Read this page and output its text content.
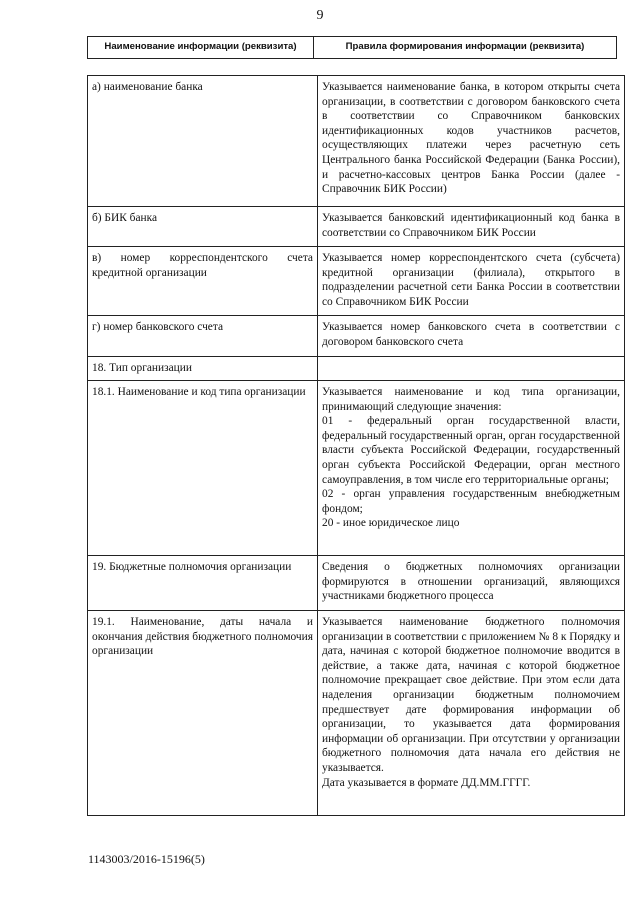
9
Наименование информации (реквизита)	Правила формирования информации (реквизита)

а) наименование банка	Указывается наименование банка, в котором открыты счета организации, в соответствии с договором банковского счета в соответствии со Справочником банковских идентификационных кодов участников расчетов, осуществляющих платежи через расчетную сеть Центрального банка Российской Федерации (Банка России), и расчетно-кассовых центров Банка России (далее - Справочник БИК России)

б) БИК банка	Указывается банковский идентификационный код банка в соответствии со Справочником БИК России

в) номер корреспондентского счета кредитной организации	Указывается номер корреспондентского счета (субсчета) кредитной организации (филиала), открытого в подразделении расчетной сети Банка России в соответствии со Справочником БИК России

г) номер банковского счета	Указывается номер банковского счета в соответствии с договором банковского счета

18. Тип организации	

18.1. Наименование и код типа организации	Указывается наименование и код типа организации, принимающий следующие значения:

01 - федеральный орган государственной власти, федеральный государственный орган, орган государственной власти субъекта Российской Федерации, государственный орган субъекта Российской Федерации, орган местного самоуправления, в том числе его территориальные органы;

02 - орган управления государственным внебюджетным фондом;

20 - иное юридическое лицо

19. Бюджетные полномочия организации	Сведения о бюджетных полномочиях организации формируются в отношении организаций, являющихся участниками бюджетного процесса

19.1. Наименование, даты начала и окончания действия бюджетного полномочия организации	Указывается наименование бюджетного полномочия организации в соответствии с приложением № 8 к Порядку и дата, начиная с которой бюджетное полномочие вводится в действие, а также дата, начиная с которой бюджетное полномочие прекращает свое действие. При этом если дата наделения организации бюджетным полномочием предшествует дате формирования информации об организации, то указывается дата формирования информации об организации. При отсутствии у организации бюджетного полномочия дата начала его действия не указывается.

Дата указывается в формате ДД.ММ.ГГГГ.

1143003/2016-15196(5)
